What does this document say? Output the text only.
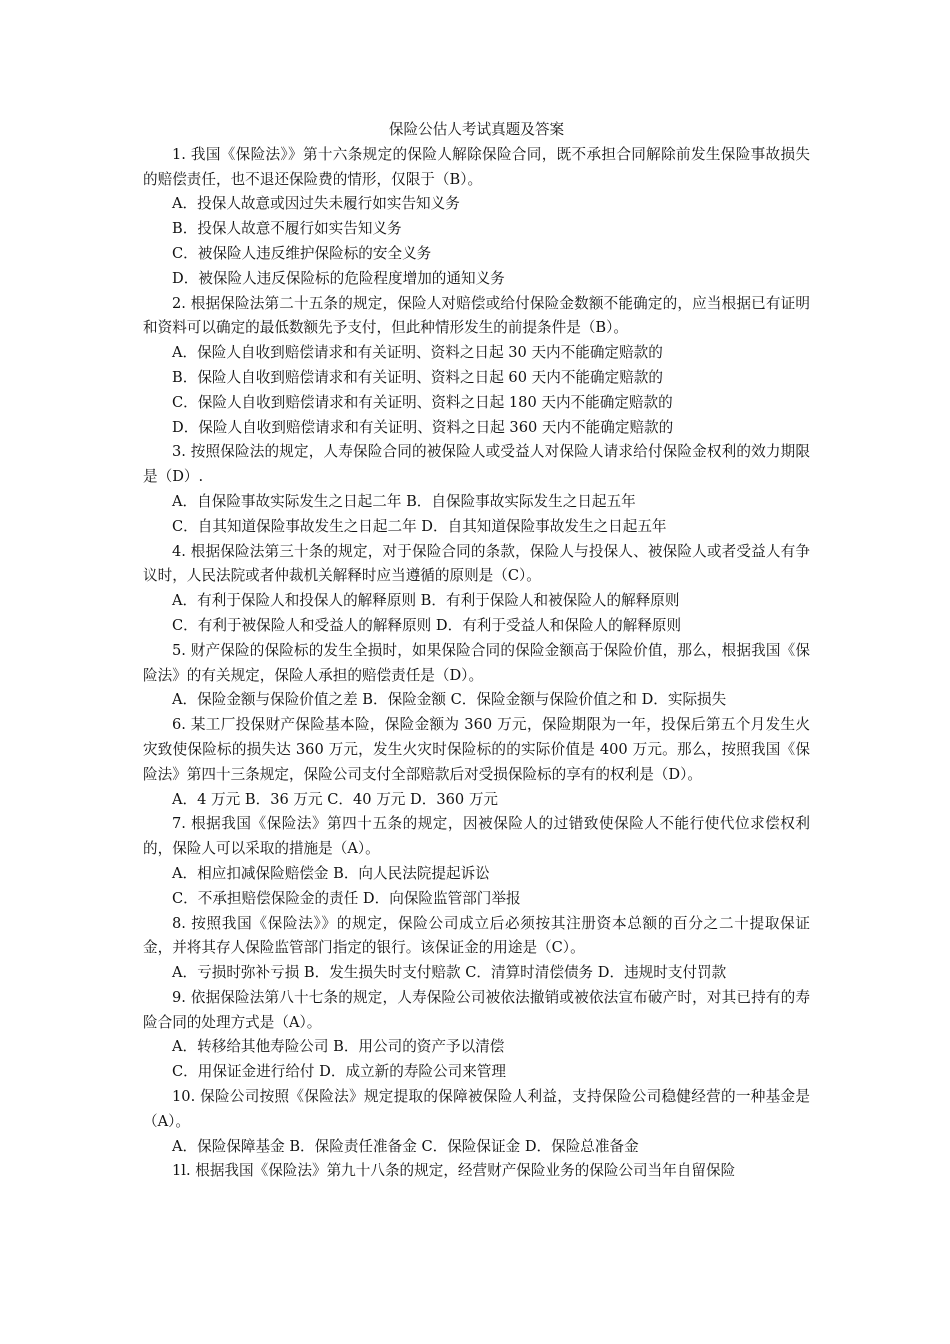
保险公估人考试真题及答案

1. 我国《保险法》》第十六条规定的保险人解除保险合同，既不承担合同解除前发生保险事故损失的赔偿责任，也不退还保险费的情形，仅限于（B）。

A．投保人故意或因过失未履行如实告知义务

B．投保人故意不履行如实告知义务

C．被保险人违反维护保险标的安全义务

D．被保险人违反保险标的危险程度增加的通知义务

2. 根据保险法第二十五条的规定，保险人对赔偿或给付保险金数额不能确定的，应当根据已有证明和资料可以确定的最低数额先予支付，但此种情形发生的前提条件是（B）。

A．保险人自收到赔偿请求和有关证明、资料之日起 30 天内不能确定赔款的

B．保险人自收到赔偿请求和有关证明、资料之日起 60 天内不能确定赔款的

C．保险人自收到赔偿请求和有关证明、资料之日起 180 天内不能确定赔款的

D．保险人自收到赔偿请求和有关证明、资料之日起 360 天内不能确定赔款的

3. 按照保险法的规定，人寿保险合同的被保险人或受益人对保险人请求给付保险金权利的效力期限是（D）.

A．自保险事故实际发生之日起二年 B．自保险事故实际发生之日起五年

C．自其知道保险事故发生之日起二年 D．自其知道保险事故发生之日起五年

4. 根据保险法第三十条的规定，对于保险合同的条款，保险人与投保人、被保险人或者受益人有争议时，人民法院或者仲裁机关解释时应当遵循的原则是（C）。

A．有利于保险人和投保人的解释原则 B．有利于保险人和被保险人的解释原则

C．有利于被保险人和受益人的解释原则 D．有利于受益人和保险人的解释原则

5. 财产保险的保险标的发生全损时，如果保险合同的保险金额高于保险价值，那么，根据我国《保险法》的有关规定，保险人承担的赔偿责任是（D）。

A．保险金额与保险价值之差 B．保险金额 C．保险金额与保险价值之和 D．实际损失

6. 某工厂投保财产保险基本险，保险金额为 360 万元，保险期限为一年，投保后第五个月发生火灾致使保险标的损失达 360 万元，发生火灾时保险标的的实际价值是 400 万元。那么，按照我国《保险法》第四十三条规定，保险公司支付全部赔款后对受损保险标的享有的权利是（D）。

A．4 万元 B．36 万元 C．40 万元 D．360 万元

7. 根据我国《保险法》第四十五条的规定，因被保险人的过错致使保险人不能行使代位求偿权利的，保险人可以采取的措施是（A）。

A．相应扣减保险赔偿金 B．向人民法院提起诉讼

C．不承担赔偿保险金的责任 D．向保险监管部门举报

8. 按照我国《保险法》》的规定，保险公司成立后必须按其注册资本总额的百分之二十提取保证金，并将其存人保险监管部门指定的银行。该保证金的用途是（C）。

A．亏损时弥补亏损 B．发生损失时支付赔款 C．清算时清偿债务 D．违规时支付罚款

9. 依据保险法第八十七条的规定，人寿保险公司被依法撤销或被依法宣布破产时，对其已持有的寿险合同的处理方式是（A）。

A．转移给其他寿险公司 B．用公司的资产予以清偿

C．用保证金进行给付 D．成立新的寿险公司来管理

10. 保险公司按照《保险法》规定提取的保障被保险人利益，支持保险公司稳健经营的一种基金是（A）。

A．保险保障基金 B．保险责任准备金 C．保险保证金 D．保险总准备金

1l. 根据我国《保险法》第九十八条的规定，经营财产保险业务的保险公司当年自留保险
